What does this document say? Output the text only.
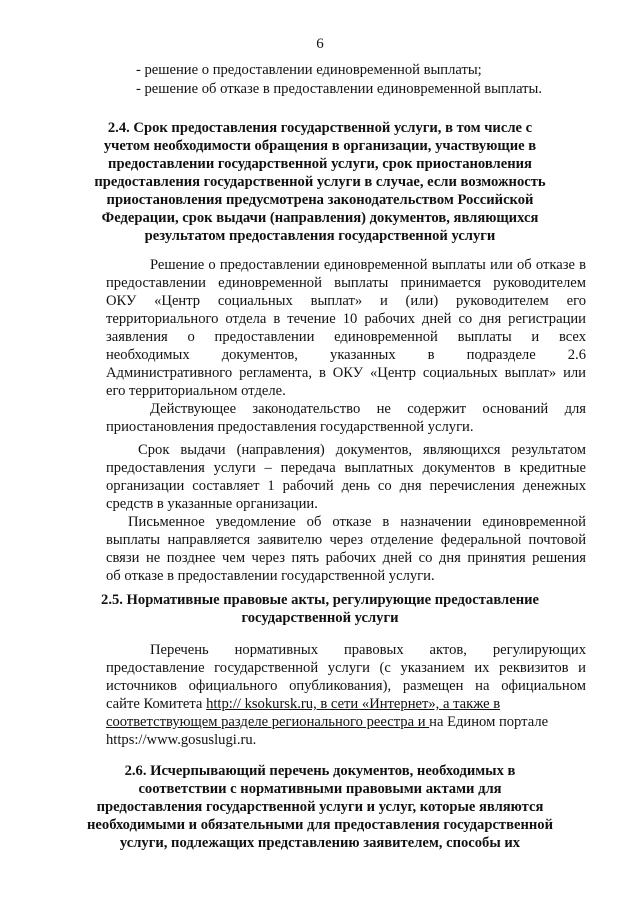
6
- решение о предоставлении единовременной выплаты;
- решение об отказе в предоставлении единовременной выплаты.
2.4. Срок предоставления государственной услуги, в том числе с
учетом необходимости обращения в организации, участвующие в
предоставлении государственной услуги, срок приостановления
предоставления государственной услуги в случае, если возможность
приостановления предусмотрена законодательством Российской
Федерации, срок выдачи (направления) документов, являющихся
результатом предоставления государственной услуги
Решение о предоставлении единовременной выплаты или об отказе в
предоставлении единовременной выплаты принимается руководителем
ОКУ «Центр социальных выплат» и (или) руководителем его
территориального отдела в течение 10 рабочих дней со дня регистрации
заявления о предоставлении единовременной выплаты и всех
необходимых документов, указанных в подразделе 2.6
Административного регламента, в ОКУ «Центр социальных выплат» или
его территориальном отделе.
Действующее законодательство не содержит оснований для
приостановления предоставления государственной услуги.
Срок выдачи (направления) документов, являющихся результатом
предоставления услуги – передача выплатных документов в кредитные
организации составляет 1 рабочий день со дня перечисления денежных
средств в указанные организации.
Письменное уведомление об отказе в назначении единовременной
выплаты направляется заявителю через отделение федеральной почтовой
связи не позднее чем через пять рабочих дней со дня принятия решения
об отказе в предоставлении государственной услуги.
2.5. Нормативные правовые акты, регулирующие предоставление
государственной услуги
Перечень нормативных правовых актов, регулирующих
предоставление государственной услуги (с указанием их реквизитов и
источников официального опубликования), размещен на официальном
сайте Комитета http:// ksokursk.ru, в сети «Интернет», а также в
соответствующем разделе регионального реестра и на Едином портале
https://www.gosuslugi.ru.
2.6. Исчерпывающий перечень документов, необходимых в
соответствии с нормативными правовыми актами для
предоставления государственной услуги и услуг, которые являются
необходимыми и обязательными для предоставления государственной
услуги, подлежащих представлению заявителем, способы их
